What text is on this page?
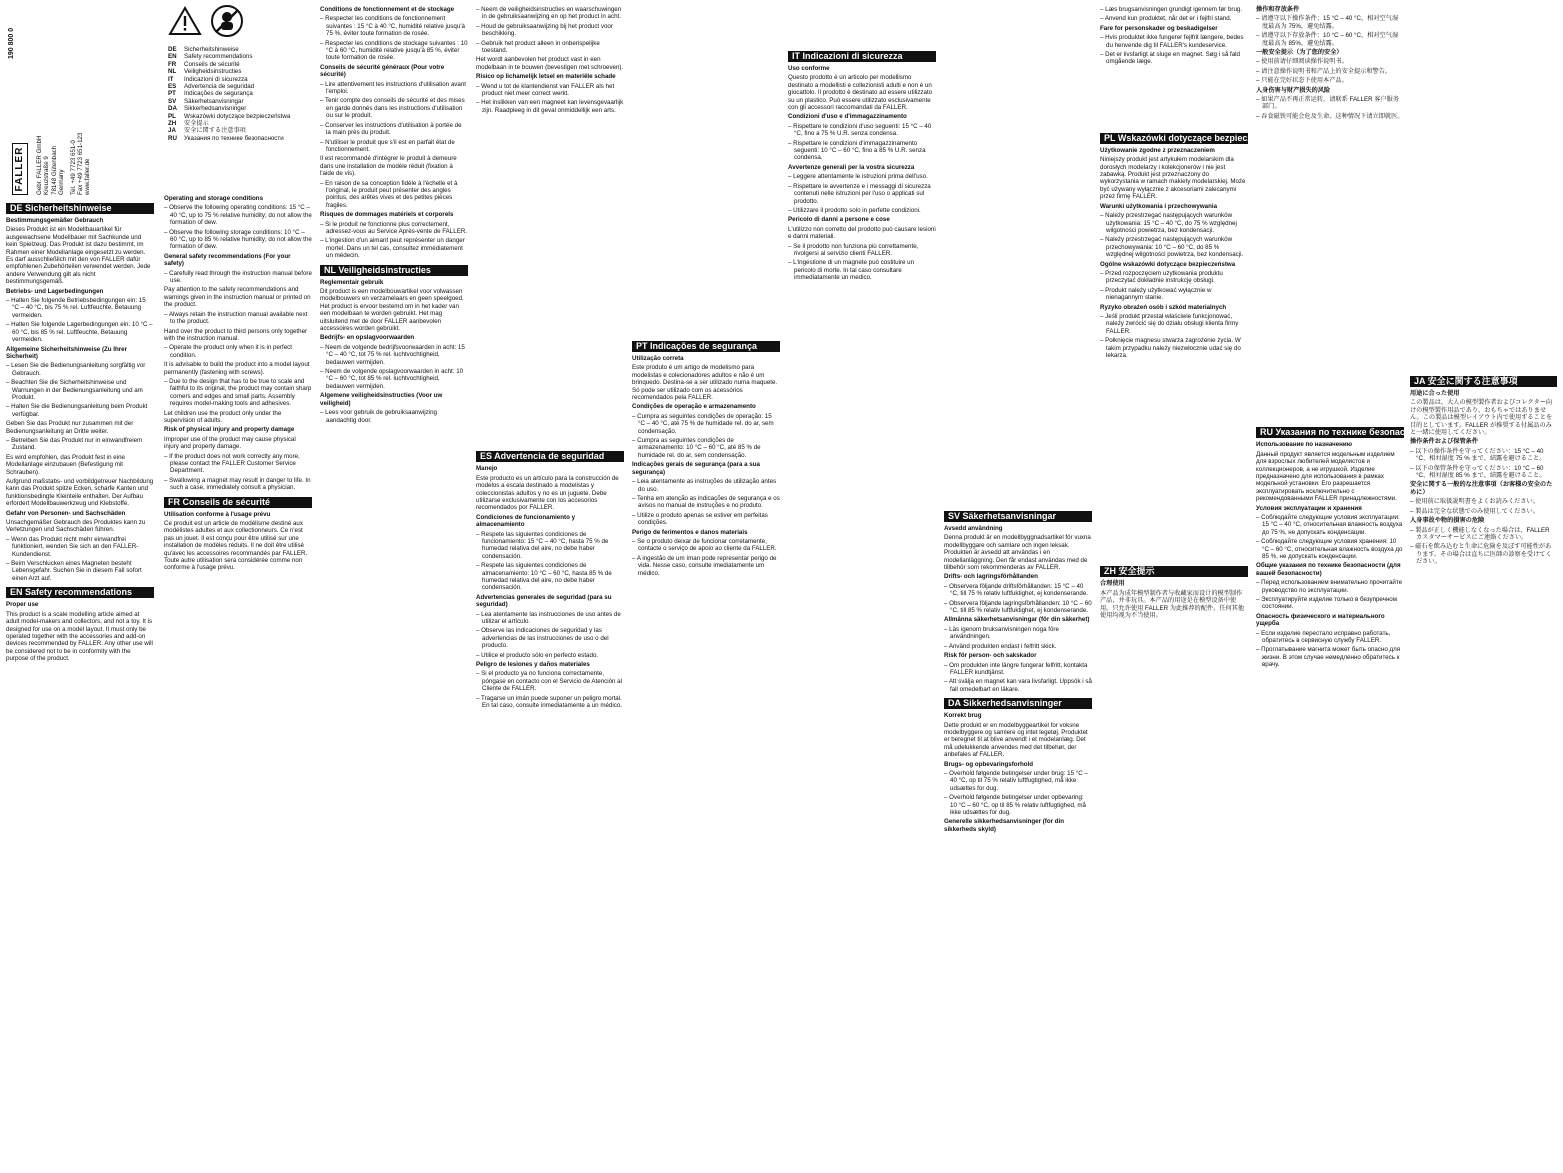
FALLER	Gebr. FALLER GmbH Kreuzstraße 9 78148 Gütenbach Germany Tel. +49 7723 651-0 Fax +49 7723 651-123 www.faller.de

190 800 0
DE Sicherheitshinweise

Bestimmungsgemäßer Gebrauch

Dieses Produkt ist ein Modellbauartikel für ausgewachsene Modellbauer mit Sachkunde und kein Spielzeug. Das Produkt ist dazu bestimmt, im Rahmen einer Modellanlage eingesetzt zu werden. Es darf ausschließlich mit den von FALLER dafür empfohlenen Zubehörteilen verwendet werden. Jede andere Verwendung gilt als nicht bestimmungsgemäß.

Betriebs- und Lagerbedingungen

– Halten Sie folgende Betriebsbedingungen ein: 15 °C – 40 °C, bis 75 % rel. Luftfeuchte, Betauung vermeiden.

– Halten Sie folgende Lagerbedingungen ein: 10 °C – 60 °C, bis 85 % rel. Luftfeuchte, Betauung vermeiden.

Allgemeine Sicherheitshinweise (Zu Ihrer Sicherheit)

– Lesen Sie die Bedienungsanleitung sorgfältig vor Gebrauch.

– Beachten Sie die Sicherheitshinweise und Warnungen in der Bedienungsanleitung und am Produkt.

– Halten Sie die Bedienungsanleitung beim Produkt verfügbar.

Geben Sie das Produkt nur zusammen mit der Bedienungsanleitung an Dritte weiter.

– Betreiben Sie das Produkt nur in einwandfreiem Zustand.

Es wird empfohlen, das Produkt fest in eine Modellanlage einzubauen (Befestigung mit Schrauben).

Aufgrund maßstabs- und vorbildgetreuer Nachbildung kann das Produkt spitze Ecken, scharfe Kanten und funktionsbedingte Kleinteile enthalten. Der Aufbau erfordert Modellbauwerkzeug und Klebstoffe.

Gefahr von Personen- und Sachschäden

Unsachgemäßer Gebrauch des Produktes kann zu Verletzungen und Sachschäden führen.

– Wenn das Produkt nicht mehr einwandfrei funktioniert, wenden Sie sich an den FALLER-Kundendienst.

– Beim Verschlucken eines Magneten besteht Lebensgefahr. Suchen Sie in diesem Fall sofort einen Arzt auf.

EN Safety recommendations

Proper use

This product is a scale modelling article aimed at adult model-makers and collectors, and not a toy. It is designed for use on a model layout. It must only be operated together with the accessories and add-on devices recommended by FALLER. Any other use will be considered not to be in conformity with the purpose of the product.

DE Sicherheitshinweise

EN Safety recommendations

FR Conseils de sécurité

NL Veiligheidsinstructies

IT Indicazioni di sicurezza

ES Advertencia de seguridad

PT Indicações de segurança

SV Säkerhetsanvisningar

DA Sikkerhedsanvisninger

PL Wskazówki dotyczące bezpieczeństwa

ZH 安全提示

JA 安全に関する注意事項

RU Указания по технике безопасности

Operating and storage conditions

– Observe the following operating conditions: 15 °C – 40 °C, up to 75 % relative humidity; do not allow the formation of dew.

– Observe the following storage conditions: 10 °C – 60 °C, up to 85 % relative humidity; do not allow the formation of dew.

General safety recommendations (For your safety)

– Carefully read through the instruction manual before use.

Pay attention to the safety recommendations and warnings given in the instruction manual or printed on the product.

– Always retain the instruction manual available next to the product.

Hand over the product to third persons only together with the instruction manual.

– Operate the product only when it is in perfect condition.

It is advisable to build the product into a model layout permanently (fastening with screws).

– Due to the design that has to be true to scale and faithful to its original, the product may contain sharp corners and edges and small parts. Assembly requires model-making tools and adhesives.

Let children use the product only under the supervision of adults.

Risk of physical injury and property damage

Improper use of the product may cause physical injury and property damage.

– If the product does not work correctly any more, please contact the FALLER Customer Service Department.

– Swallowing a magnet may result in danger to life. In such a case, immediately consult a physician.

FR Conseils de sécurité

Utilisation conforme à l'usage prévu

Ce produit est un article de modélisme destiné aux modélistes adultes et aux collectionneurs. Ce n'est pas un jouet. Il est conçu pour être utilisé sur une installation de modèles réduits. Il ne doit être utilisé qu'avec les accessoires recommandés par FALLER. Toute autre utilisation sera considérée comme non conforme à l'usage prévu.

Conditions de fonctionnement et de stockage

– Respecter les conditions de fonctionnement suivantes : 15 °C à 40 °C, humidité relative jusqu'à 75 %, éviter toute formation de rosée.

– Respecter les conditions de stockage suivantes : 10 °C à 60 °C, humidité relative jusqu'à 85 %, éviter toute formation de rosée.

Conseils de sécurité généraux (Pour votre sécurité)

– Lire attentivement les instructions d'utilisation avant l'emploi.

– Tenir compte des conseils de sécurité et des mises en garde donnés dans les instructions d'utilisation ou sur le produit.

– Conserver les instructions d'utilisation à portée de la main près du produit.

– N'utiliser le produit que s'il est en parfait état de fonctionnement.

Il est recommandé d'intégrer le produit à demeure dans une installation de modèle réduit (fixation à l'aide de vis).

– En raison de sa conception fidèle à l'échelle et à l'original, le produit peut présenter des angles pointus, des arêtes vives et des petites pièces fragiles.

Risques de dommages matériels et corporels

– Si le produit ne fonctionne plus correctement, adressez-vous au Service Après-vente de FALLER.

– L'ingestion d'un aimant peut représenter un danger mortel. Dans un tel cas, consultez immédiatement un médecin.

NL Veiligheidsinstructies

Reglementair gebruik

Dit product is een modelbouwartikel voor volwassen modelbouwers en verzamelaars en geen speelgoed. Het product is ervoor bestemd om in het kader van een modelbaan te worden gebruikt. Het mag uitsluitend met de door FALLER aanbevolen accessoires worden gebruikt.

Bedrijfs- en opslagvoorwaarden

– Neem de volgende bedrijfsvoorwaarden in acht: 15 °C – 40 °C, tot 75 % rel. luchtvochtigheid, bedauwen vermijden.

– Neem de volgende opslagvoorwaarden in acht: 10 °C – 60 °C, tot 85 % rel. luchtvochtigheid, bedauwen vermijden.

Algemene veiligheidsinstructies (Voor uw veiligheid)

– Lees voor gebruik de gebruiksaanwijzing aandachtig door.

– Neem de veiligheidsinstructies en waarschuwingen in de gebruiksaanwijzing en op het product in acht.

– Houd de gebruiksaanwijzing bij het product voor beschikking.

– Gebruik het product alleen in onberispelijke toestand.

Het wordt aanbevolen het product vast in een modelbaan in te bouwen (bevestigen met schroeven).

Risico op lichamelijk letsel en materiële schade

– Wend u tot de klantendienst van FALLER als het product niet meer correct werkt.

– Het inslikken van een magneet kan levensgevaarlijk zijn. Raadpleeg in dit geval onmiddellijk een arts.

ES Advertencia de seguridad

Manejo

Este producto es un artículo para la construcción de modelos a escala destinado a modelistas y coleccionistas adultos y no es un juguete. Debe utilizarse exclusivamente con los accesorios recomendados por FALLER.

Condiciones de funcionamiento y almacenamiento

– Respete las siguientes condiciones de funcionamiento: 15 °C – 40 °C, hasta 75 % de humedad relativa del aire, no debe haber condensación.

– Respete las siguientes condiciones de almacenamiento: 10 °C – 60 °C, hasta 85 % de humedad relativa del aire, no debe haber condensación.

Advertencias generales de seguridad (para su seguridad)

– Lea atentamente las instrucciones de uso antes de utilizar el artículo.

– Observe las indicaciones de seguridad y las advertencias de las instrucciones de uso o del producto.

– Utilice el producto sólo en perfecto estado.

Peligro de lesiones y daños materiales

– Si el producto ya no funciona correctamente, póngase en contacto con el Servicio de Atención al Cliente de FALLER.

– Tragarse un imán puede suponer un peligro mortal. En tal caso, consulte inmediatamente a un médico.

PT Indicações de segurança

Utilização correta

Este produto é um artigo de modelismo para modelistas e colecionadores adultos e não é um brinquedo. Destina-se a ser utilizado numa maquete. Só pode ser utilizado com os acessórios recomendados pela FALLER.

Condições de operação e armazenamento

– Cumpra as seguintes condições de operação: 15 °C – 40 °C, até 75 % de humidade rel. do ar, sem condensação.

– Cumpra as seguintes condições de armazenamento: 10 °C – 60 °C, até 85 % de humidade rel. do ar, sem condensação.

Indicações gerais de segurança (para a sua segurança)

– Leia atentamente as instruções de utilização antes do uso.

– Tenha em atenção as indicações de segurança e os avisos no manual de instruções e no produto.

– Utilize o produto apenas se estiver em perfeitas condições.

Perigo de ferimentos e danos materiais

– Se o produto deixar de funcionar corretamente, contacte o serviço de apoio ao cliente da FALLER.

– A ingestão de um íman pode representar perigo de vida. Nesse caso, consulte imediatamente um médico.

IT Indicazioni di sicurezza

Uso conforme

Questo prodotto è un articolo per modellismo destinato a modellisti e collezionisti adulti e non è un giocattolo. Il prodotto è destinato ad essere utilizzato su un plastico. Può essere utilizzato esclusivamente con gli accessori raccomandati da FALLER.

Condizioni d'uso e d'immagazzinamento

– Rispettare le condizioni d'uso seguenti: 15 °C – 40 °C, fino a 75 % U.R. senza condensa.

– Rispettare le condizioni d'immagazzinamento seguenti: 10 °C – 60 °C, fino a 85 % U.R. senza condensa.

Avvertenze generali per la vostra sicurezza

– Leggere attentamente le istruzioni prima dell'uso.

– Rispettare le avvertenze e i messaggi di sicurezza contenuti nelle istruzioni per l'uso o applicati sul prodotto.

– Utilizzare il prodotto solo in perfette condizioni.

Pericolo di danni a persone e cose

L'utilizzo non corretto del prodotto può causare lesioni e danni materiali.

– Se il prodotto non funziona più correttamente, rivolgersi al servizio clienti FALLER.

– L'ingestione di un magnete può costituire un pericolo di morte. In tal caso consultare immediatamente un medico.

SV Säkerhetsanvisningar

Avsedd användning

Denna produkt är en modellbyggnadsartikel för vuxna modellbyggare och samlare och ingen leksak. Produkten är avsedd att användas i en modellanläggning. Den får endast användas med de tillbehör som rekommenderas av FALLER.

Drifts- och lagringsförhållanden

– Observera följande driftsförhållanden: 15 °C – 40 °C, till 75 % relativ luftfuktighet, ej kondenserande.

– Observera följande lagringsförhållanden: 10 °C – 60 °C, till 85 % relativ luftfuktighet, ej kondenserande.

Allmänna säkerhetsanvisningar (för din säkerhet)

– Läs igenom bruksanvisningen noga före användningen.

– Använd produkten endast i felfritt skick.

Risk för person- och sakskador

– Om produkten inte längre fungerar felfritt, kontakta FALLER kundtjänst.

– Att svälja en magnet kan vara livsfarligt. Uppsök i så fall omedelbart en läkare.

DA Sikkerhedsanvisninger

Korrekt brug

Dette produkt er en modelbyggeartikel for voksne modelbyggere og samlere og intet legetøj. Produktet er beregnet til at blive anvendt i et modelanlæg. Det må udelukkende anvendes med det tilbehør, der anbefales af FALLER.

Brugs- og opbevaringsforhold

– Overhold følgende betingelser under brug: 15 °C – 40 °C, op til 75 % relativ luftfugtighed, må ikke udsættes for dug.

– Overhold følgende betingelser under opbevaring: 10 °C – 60 °C, op til 85 % relativ luftfugtighed, må ikke udsættes for dug.

Generelle sikkerhedsanvisninger (for din sikkerheds skyld)

– Læs brugsanvisningen grundigt igennem før brug.

– Anvend kun produktet, når det er i fejlfri stand.

Fare for personskader og beskadigelser

– Hvis produktet ikke fungerer fejlfrit længere, bedes du henvende dig til FALLER's kundeservice.

– Det er livsfarligt at sluge en magnet. Søg i så fald omgående læge.

PL Wskazówki dotyczące bezpieczeństwa

Użytkowanie zgodne z przeznaczeniem

Niniejszy produkt jest artykułem modelarskim dla dorosłych modelarzy i kolekcjonerów i nie jest zabawką. Produkt jest przeznaczony do wykorzystania w ramach makiety modelarskiej. Może być używany wyłącznie z akcesoriami zalecanymi przez firmę FALLER.

Warunki użytkowania i przechowywania

– Należy przestrzegać następujących warunków użytkowania: 15 °C – 40 °C, do 75 % względnej wilgotności powietrza, bez kondensacji.

– Należy przestrzegać następujących warunków przechowywania: 10 °C – 60 °C, do 85 % względnej wilgotności powietrza, bez kondensacji.

Ogólne wskazówki dotyczące bezpieczeństwa

– Przed rozpoczęciem użytkowania produktu przeczytać dokładnie instrukcję obsługi.

– Produkt należy użytkować wyłącznie w nienagannym stanie.

Ryzyko obrażeń osób i szkód materialnych

– Jeśli produkt przestał właściwie funkcjonować, należy zwrócić się do działu obsługi klienta firmy FALLER.

– Połknięcie magnesu stwarza zagrożenie życia. W takim przypadku należy niezwłocznie udać się do lekarza.

ZH 安全提示

合理使用

本产品为成年模型制作者与收藏家而设计的模型制作产品，并非玩具。本产品的用途是在模型设备中使用。只允许使用 FALLER 为此推荐的配件。任何其他使用均视为不当使用。

操作和存放条件

– 请遵守以下操作条件：15 °C – 40 °C，相对空气湿度最高为 75%，避免结露。

– 请遵守以下存放条件：10 °C – 60 °C，相对空气湿度最高为 85%，避免结露。

一般安全提示（为了您的安全）

– 使用前请仔细阅读操作说明书。

– 请注意操作说明书和产品上的安全提示和警告。

– 只能在完好状态下使用本产品。

人身伤害与财产损失的风险

– 如果产品不再正常运转，请联系 FALLER 客户服务部门。

– 吞食磁铁可能会危及生命。这种情况下请立即就医。

RU Указания по технике безопасности

Использование по назначению

Данный продукт является модельным изделием для взрослых любителей моделистов и коллекционеров, а не игрушкой. Изделие предназначено для использования в рамках модельной установки. Его разрешается эксплуатировать исключительно с рекомендованными FALLER принадлежностями.

Условия эксплуатации и хранения

– Соблюдайте следующие условия эксплуатации: 15 °C – 40 °C, относительная влажность воздуха до 75 %, не допускать конденсации.

– Соблюдайте следующие условия хранения: 10 °C – 60 °C, относительная влажность воздуха до 85 %, не допускать конденсации.

Общие указания по технике безопасности (для вашей безопасности)

– Перед использованием внимательно прочитайте руководство по эксплуатации.

– Эксплуатируйте изделие только в безупречном состоянии.

Опасность физического и материального ущерба

– Если изделие перестало исправно работать, обратитесь в сервисную службу FALLER.

– Проглатывание магнита может быть опасно для жизни. В этом случае немедленно обратитесь к врачу.

JA 安全に関する注意事項

用途に合った使用

この製品は、大人の模型製作者およびコレクター向けの模型製作用品であり、おもちゃではありません。この製品は模型レイアウト内で使用することを目的としています。FALLER が推奨する付属品のみと一緒に使用してください。

操作条件および保管条件

– 以下の操作条件を守ってください：15 °C – 40 °C、相対湿度 75 % まで、結露を避けること。

– 以下の保管条件を守ってください：10 °C – 60 °C、相対湿度 85 % まで、結露を避けること。

安全に関する一般的な注意事項（お客様の安全のために）

– 使用前に取扱説明書をよくお読みください。

– 製品は完全な状態でのみ使用してください。

人身事故や物的損害の危険

– 製品が正しく機能しなくなった場合は、FALLER カスタマーサービスにご連絡ください。

– 磁石を飲み込むと生命に危険を及ぼす可能性があります。その場合は直ちに医師の診察を受けてください。
